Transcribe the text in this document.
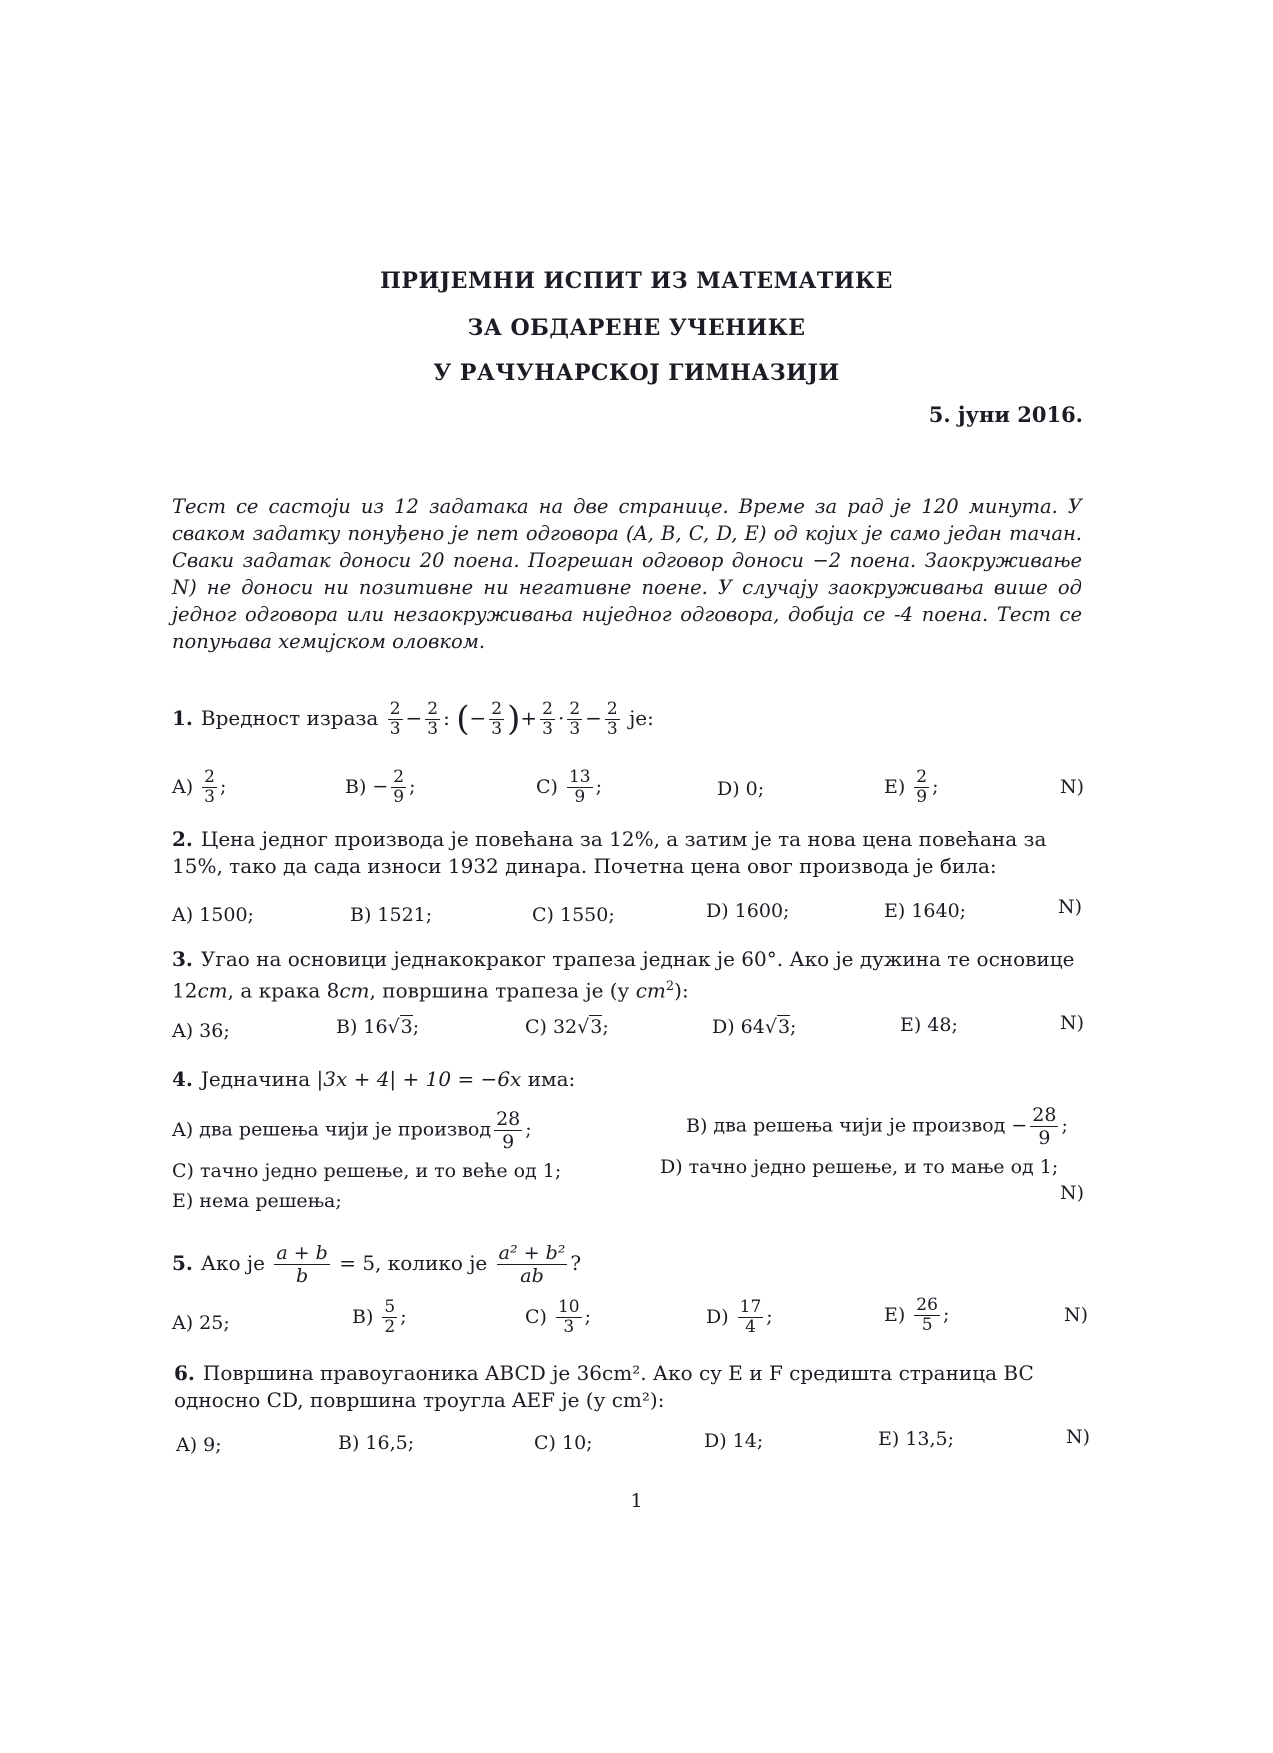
ПРИЈЕМНИ ИСПИТ ИЗ МАТЕМАТИКЕ
ЗА ОБДАРЕНЕ УЧЕНИКЕ
У РАЧУНАРСКОЈ ГИМНАЗИЈИ
5. јуни 2016.
Тест се састоји из 12 задатака на две странице. Време за рад је 120 минута. У сваком задатку понуђено је пет одговора (A, B, C, D, E) од којих је само један тачан. Сваки задатак доноси 20 поена. Погрешан одговор доноси −2 поена. Заокруживање N) не доноси ни позитивне ни негативне поене. У случају заокруживања више од једног одговора или незаокруживања ниједног одговора, добија се -4 поена. Тест се попуњава хемијском оловком.
1. Вредност израза $\frac{2}{3} - \frac{2}{3}$ : (− $\frac{2}{3}$ )+ $\frac{2}{3} \cdot \frac{2}{3} - \frac{2}{3}$ је:
$A) \frac{2}{3}$ ;	$B) - \frac{2}{9}$ ;	$C) \frac{13}{9}$ ;	D) 0;	$E) \frac{2}{9}$ ;	N)
2. Цена једног производа је повећана за 12%, а затим је та нова цена повећана за
15%, тако да сада износи 1932 динара. Почетна цена овог производа је била:
A) 1500;	B) 1521;	C) 1550;	D) 1600;	E) 1640;	N)
3. Угао на основици једнакокраког трапеза једнак је 60°. Ако је дужина те основице
12cm, а крака 8cm, површина трапеза је (у $cm^2$):
A) 36;	B) 16√3;	C) 32√3;	D) 64√3;	E) 48;	N)
4. Једначина |3x + 4| + 10 = −6x има:
A) два решења чији је производ $\frac{28}{9}$ ;	B) два решења чији је производ − $\frac{28}{9}$ ;
C) тачно једно решење, и то веће од 1;	D) тачно једно решење, и то мање од 1;
E) нема решења;	N)
5. Ако је $\frac{a + b}{b} = 5$, колико је $\frac{\text{a² + b²}}{ab}$ ?
A) 25;	$B) \frac{5}{2}$ ;	$C) \frac{10}{3}$ ;	$D) \frac{17}{4}$ ;	$E) \frac{26}{5}$ ;	N)
6. Површина правоугаоника ABCD је 36cm². Ако су E и F средишта страница BC
односно CD, површина троугла AEF је (у cm²):
A) 9;	B) 16,5;	C) 10;	D) 14;	E) 13,5;	N)
1
